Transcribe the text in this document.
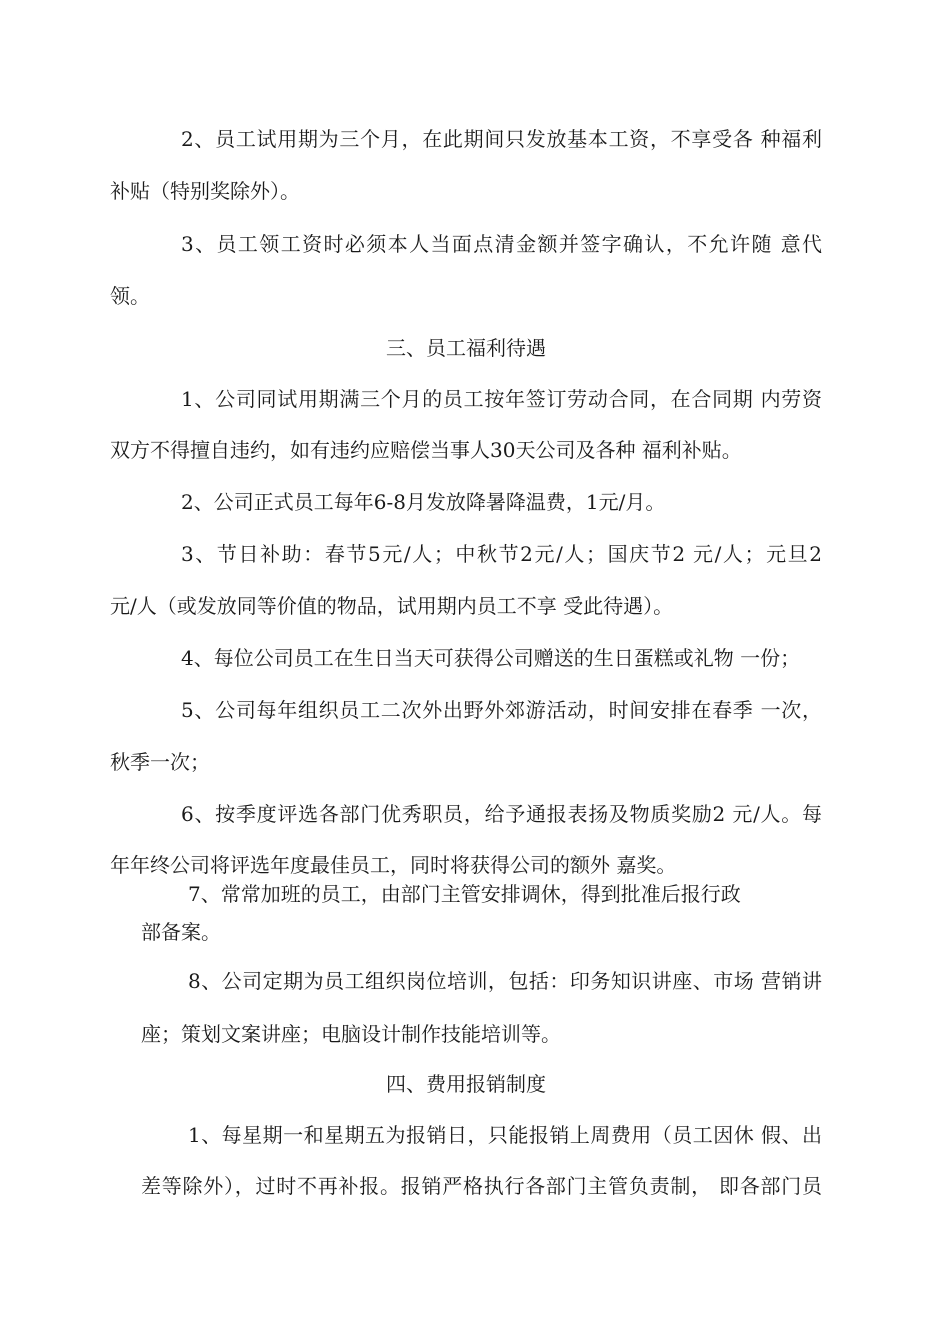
2、员工试用期为三个月，在此期间只发放基本工资，不享受各 种福利
补贴（特别奖除外）。
3、员工领工资时必须本人当面点清金额并签字确认，不允许随 意代
领。
三、员工福利待遇
1、公司同试用期满三个月的员工按年签订劳动合同，在合同期 内劳资
双方不得擅自违约，如有违约应赔偿当事人30天公司及各种 福利补贴。
2、公司正式员工每年6-8月发放降暑降温费，1元/月。
3、节日补助：春节5元/人；中秋节2元/人；国庆节2 元/人；元旦2
元/人（或发放同等价值的物品，试用期内员工不享 受此待遇）。
4、每位公司员工在生日当天可获得公司赠送的生日蛋糕或礼物 一份；
5、公司每年组织员工二次外出野外郊游活动，时间安排在春季 一次，
秋季一次；
6、按季度评选各部门优秀职员，给予通报表扬及物质奖励2 元/人。每
年年终公司将评选年度最佳员工，同时将获得公司的额外 嘉奖。
7、常常加班的员工，由部门主管安排调休，得到批准后报行政
部备案。
8、公司定期为员工组织岗位培训，包括：印务知识讲座、市场 营销讲
座；策划文案讲座；电脑设计制作技能培训等。
四、费用报销制度
1、每星期一和星期五为报销日，只能报销上周费用（员工因休 假、出
差等除外），过时不再补报。报销严格执行各部门主管负责制， 即各部门员
